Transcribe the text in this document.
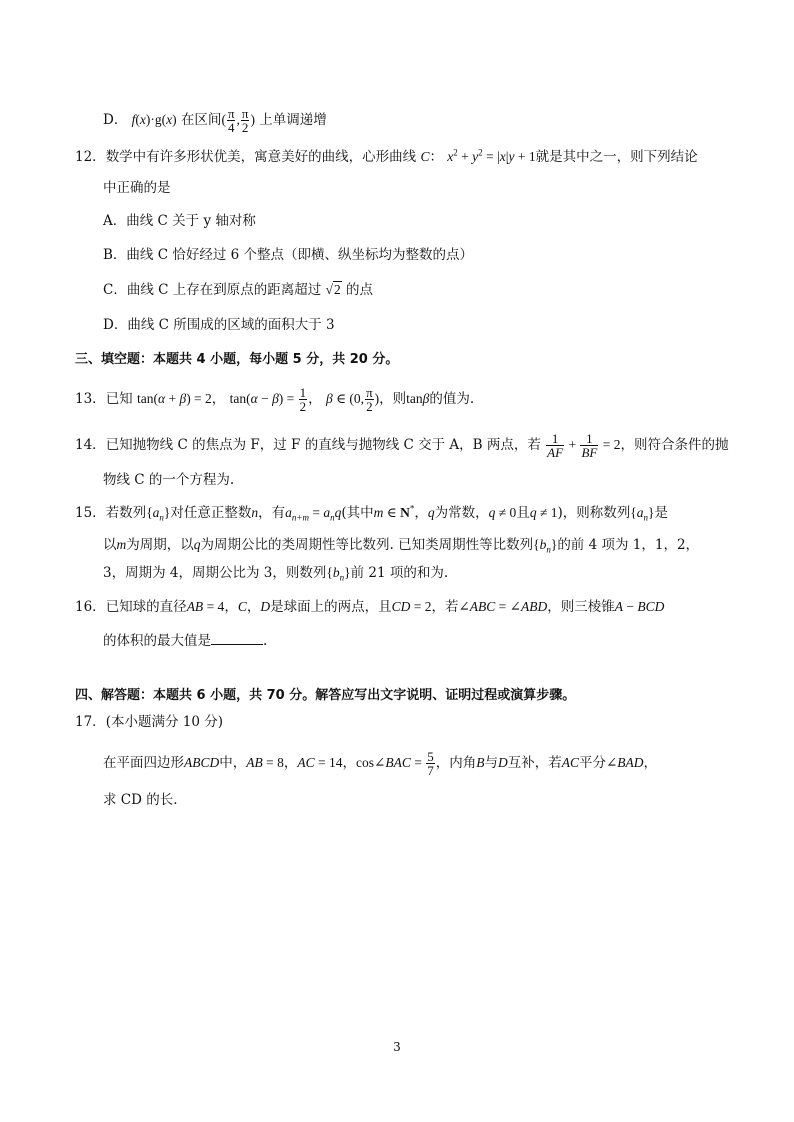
D． f(x)·g(x) 在区间( $\frac{\pi}{4}$ , $\frac{\pi}{2}$ ) 上单调递增
12．数学中有许多形状优美，寓意美好的曲线，心形曲线 C： $x^2 + y^2 = |x|y + 1$就是其中之一，则下列结论
中正确的是
A．曲线 C 关于 y 轴对称
B．曲线 C 恰好经过 6 个整点（即横、纵坐标均为整数的点）
C．曲线 C 上存在到原点的距离超过 √2 的点
D．曲线 C 所围成的区域的面积大于 3
三、填空题：本题共 4 小题，每小题 5 分，共 20 分。
13．已知 tan(α + β) = 2， $\tan(\alpha - \beta) = \frac{1}{2}$ ， β ∈ (0, $\frac{\pi}{2}$ )，则tanβ的值为.
14．已知抛物线 C 的焦点为 F，过 F 的直线与抛物线 C 交于 A，B 两点，若 $\frac{1}{AF} + \frac{1}{BF} = 2$，则符合条件的抛
物线 C 的一个方程为.
15．若数列$\{a_n\}$对任意正整数n，有$a_{n+m} = a_nq$(其中m ∈ N*，q为常数，q ≠ 0且q ≠ 1)，则称数列$\{a_n\}$是
以m为周期，以q为周期公比的类周期性等比数列. 已知类周期性等比数列$\{b_n\}$的前 4 项为 1，1，2，
3，周期为 4，周期公比为 3，则数列$\{b_n\}$前 21 项的和为.
16．已知球的直径AB = 4，C，D是球面上的两点，且CD = 2，若∠ABC = ∠ABD，则三棱锥A − BCD
的体积的最大值是	.
四、解答题：本题共 6 小题，共 70 分。解答应写出文字说明、证明过程或演算步骤。
17．(本小题满分 10 分)
在平面四边形ABCD中，AB = 8，AC = 14，cos∠BAC = $\frac{5}{7}$ ，内角B与D互补，若AC平分∠BAD，
求 CD 的长.
3
